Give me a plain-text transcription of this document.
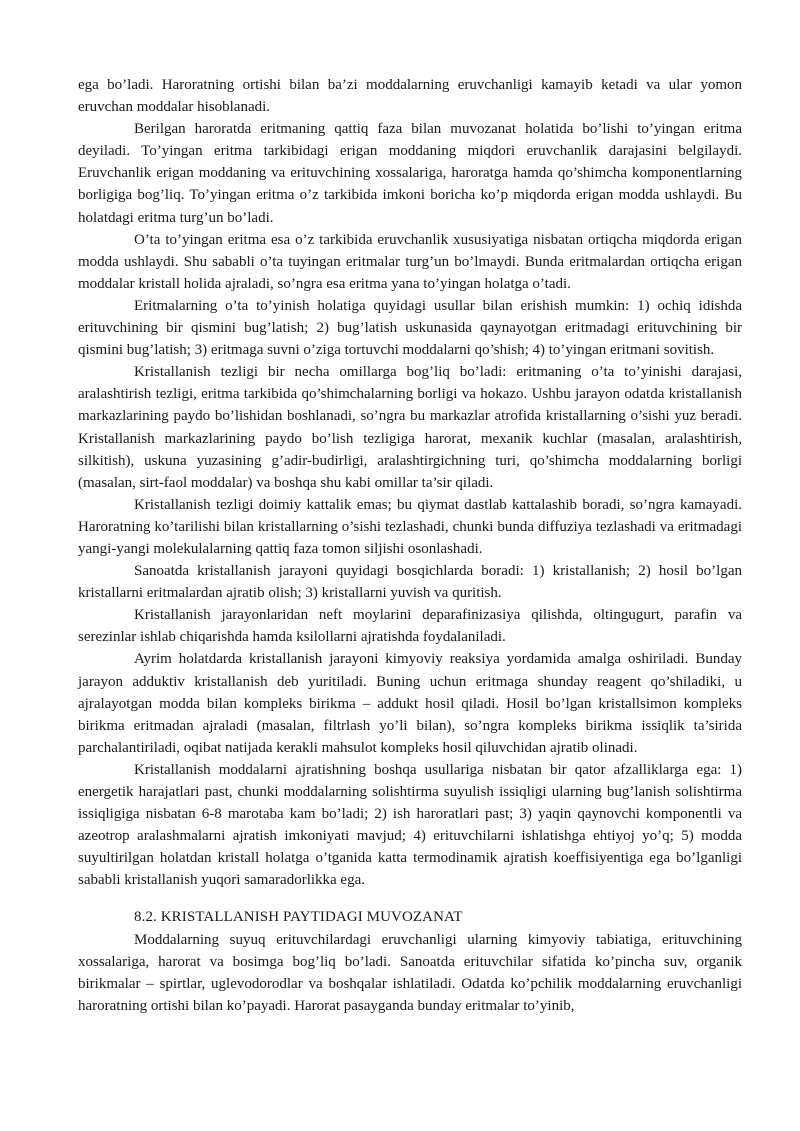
ega bo’ladi. Haroratning ortishi bilan ba’zi moddalarning eruvchanligi kamayib ketadi va ular yomon eruvchan moddalar hisoblanadi.

Berilgan haroratda eritmaning qattiq faza bilan muvozanat holatida bo’lishi to’yingan eritma deyiladi. To’yingan eritma tarkibidagi erigan moddaning miqdori eruvchanlik darajasini belgilaydi. Eruvchanlik erigan moddaning va erituvchining xossalariga, haroratga hamda qo’shimcha komponentlarning borligiga bog’liq. To’yingan eritma o’z tarkibida imkoni boricha ko’p miqdorda erigan modda ushlaydi. Bu holatdagi eritma turg’un bo’ladi.

O’ta to’yingan eritma esa o’z tarkibida eruvchanlik xususiyatiga nisbatan ortiqcha miqdorda erigan modda ushlaydi. Shu sababli o’ta tuyingan eritmalar turg’un bo’lmaydi. Bunda eritmalardan ortiqcha erigan moddalar kristall holida ajraladi, so’ngra esa eritma yana to’yingan holatga o’tadi.

Eritmalarning o’ta to’yinish holatiga quyidagi usullar bilan erishish mumkin: 1) ochiq idishda erituvchining bir qismini bug’latish; 2) bug’latish uskunasida qaynayotgan eritmadagi erituvchining bir qismini bug’latish; 3) eritmaga suvni o’ziga tortuvchi moddalarni qo’shish; 4) to’yingan eritmani sovitish.

Kristallanish tezligi bir necha omillarga bog’liq bo’ladi: eritmaning o’ta to’yinishi darajasi, aralashtirish tezligi, eritma tarkibida qo’shimchalarning borligi va hokazo. Ushbu jarayon odatda kristallanish markazlarining paydo bo’lishidan boshlanadi, so’ngra bu markazlar atrofida kristallarning o’sishi yuz beradi. Kristallanish markazlarining paydo bo’lish tezligiga harorat, mexanik kuchlar (masalan, aralashtirish, silkitish), uskuna yuzasining g’adir-budirligi, aralashtirgichning turi, qo’shimcha moddalarning borligi (masalan, sirt-faol moddalar) va boshqa shu kabi omillar ta’sir qiladi.

Kristallanish tezligi doimiy kattalik emas; bu qiymat dastlab kattalashib boradi, so’ngra kamayadi. Haroratning ko’tarilishi bilan kristallarning o’sishi tezlashadi, chunki bunda diffuziya tezlashadi va eritmadagi yangi-yangi molekulalarning qattiq faza tomon siljishi osonlashadi.

Sanoatda kristallanish jarayoni quyidagi bosqichlarda boradi: 1) kristallanish; 2) hosil bo’lgan kristallarni eritmalardan ajratib olish; 3) kristallarni yuvish va quritish.

Kristallanish jarayonlaridan neft moylarini deparafinizasiya qilishda, oltingugurt, parafin va serezinlar ishlab chiqarishda hamda ksilollarni ajratishda foydalaniladi.

Ayrim holatdarda kristallanish jarayoni kimyoviy reaksiya yordamida amalga oshiriladi. Bunday jarayon adduktiv kristallanish deb yuritiladi. Buning uchun eritmaga shunday reagent qo’shiladiki, u ajralayotgan modda bilan kompleks birikma – addukt hosil qiladi. Hosil bo’lgan kristallsimon kompleks birikma eritmadan ajraladi (masalan, filtrlash yo’li bilan), so’ngra kompleks birikma issiqlik ta’sirida parchalantiriladi, oqibat natijada kerakli mahsulot kompleks hosil qiluvchidan ajratib olinadi.

Kristallanish moddalarni ajratishning boshqa usullariga nisbatan bir qator afzalliklarga ega: 1) energetik harajatlari past, chunki moddalarning solishtirma suyulish issiqligi ularning bug’lanish solishtirma issiqligiga nisbatan 6-8 marotaba kam bo’ladi; 2) ish haroratlari past; 3) yaqin qaynovchi komponentli va azeotrop aralashmalarni ajratish imkoniyati mavjud; 4) erituvchilarni ishlatishga ehtiyoj yo’q; 5) modda suyultirilgan holatdan kristall holatga o’tganida katta termodinamik ajratish koeffisiyentiga ega bo’lganligi sababli kristallanish yuqori samaradorlikka ega.

8.2. KRISTALLANISH PAYTIDAGI MUVOZANAT

Moddalarning suyuq erituvchilardagi eruvchanligi ularning kimyoviy tabiatiga, erituvchining xossalariga, harorat va bosimga bog’liq bo’ladi. Sanoatda erituvchilar sifatida ko’pincha suv, organik birikmalar – spirtlar, uglevodorodlar va boshqalar ishlatiladi. Odatda ko’pchilik moddalarning eruvchanligi haroratning ortishi bilan ko’payadi. Harorat pasayganda bunday eritmalar to’yinib,
